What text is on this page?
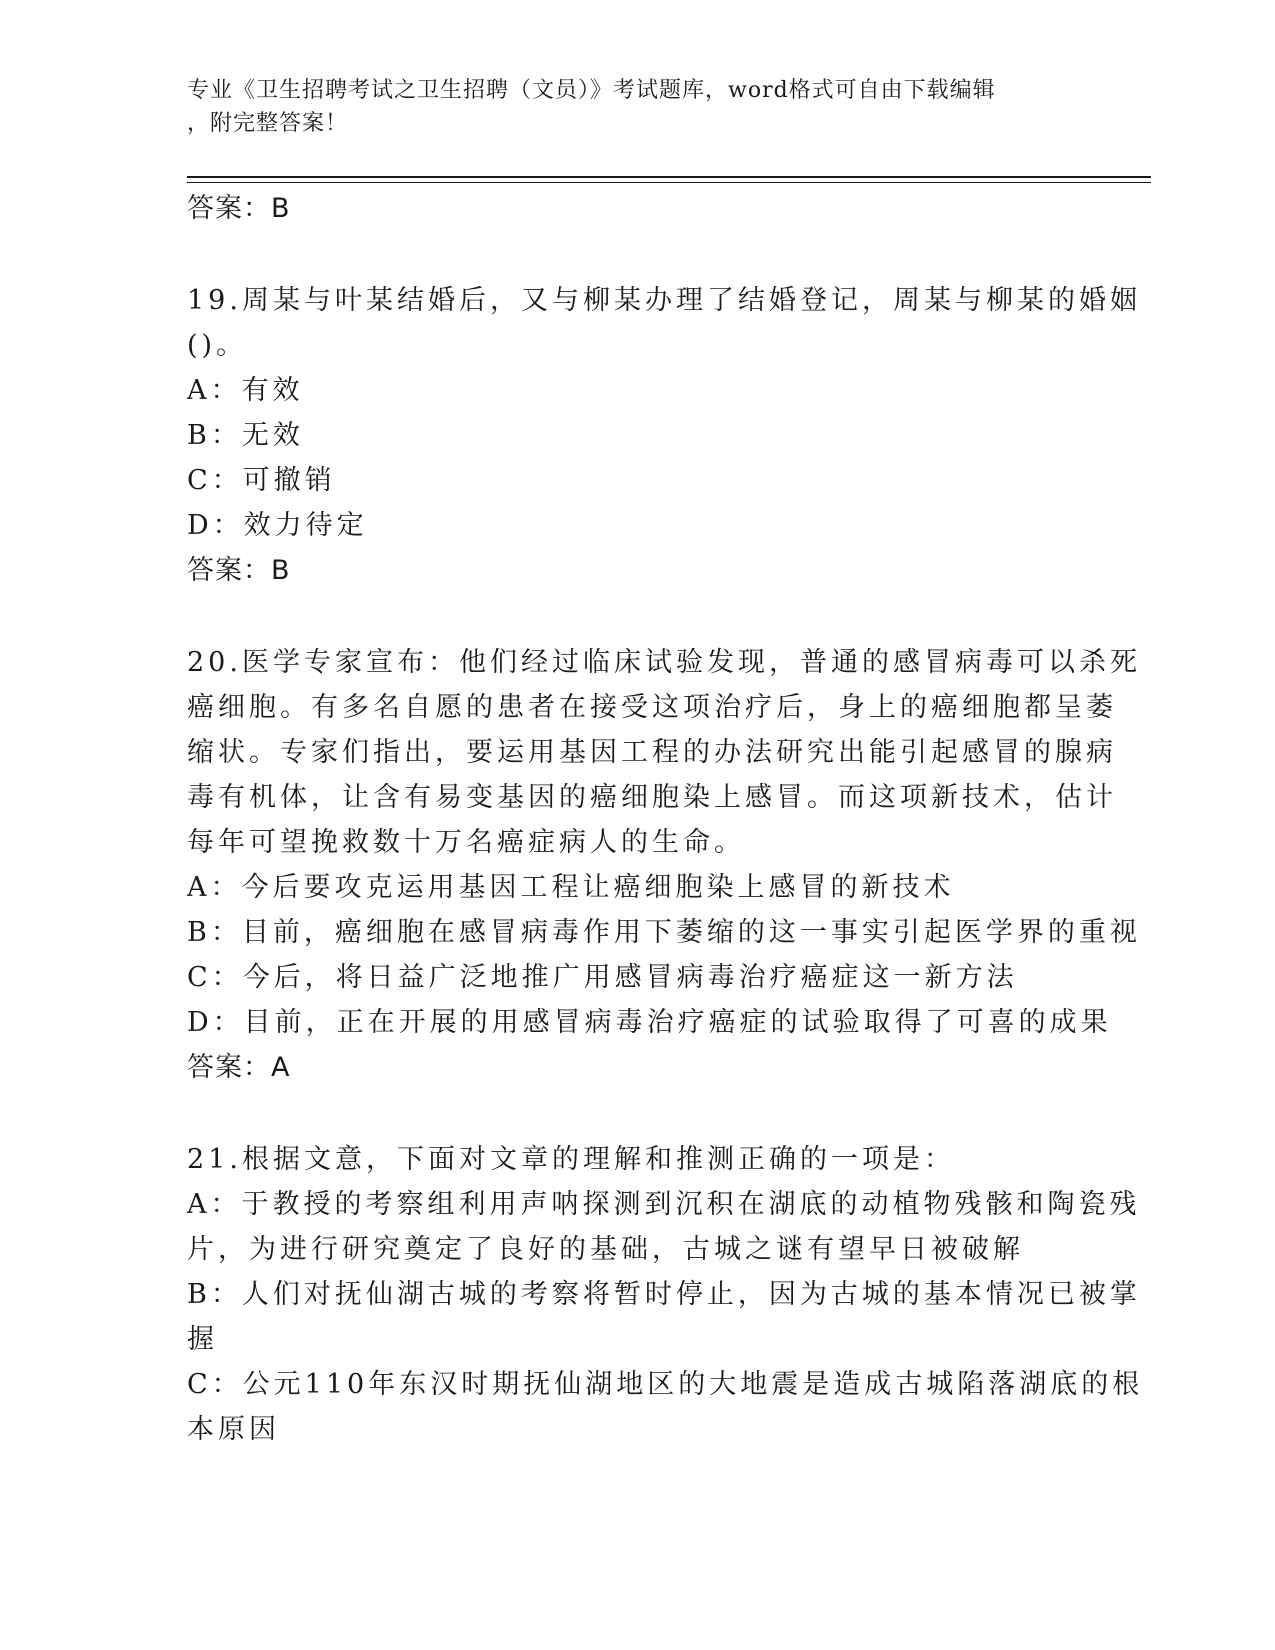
专业《卫生招聘考试之卫生招聘（文员）》考试题库，word格式可自由下载编辑
，附完整答案！
答案：B
19.周某与叶某结婚后，又与柳某办理了结婚登记，周某与柳某的婚姻
()。
A：有效
B：无效
C：可撤销
D：效力待定
答案：B
20.医学专家宣布：他们经过临床试验发现，普通的感冒病毒可以杀死
癌细胞。有多名自愿的患者在接受这项治疗后，身上的癌细胞都呈萎
缩状。专家们指出，要运用基因工程的办法研究出能引起感冒的腺病
毒有机体，让含有易变基因的癌细胞染上感冒。而这项新技术，估计
每年可望挽救数十万名癌症病人的生命。
A：今后要攻克运用基因工程让癌细胞染上感冒的新技术
B：目前，癌细胞在感冒病毒作用下萎缩的这一事实引起医学界的重视
C：今后，将日益广泛地推广用感冒病毒治疗癌症这一新方法
D：目前，正在开展的用感冒病毒治疗癌症的试验取得了可喜的成果
答案：A
21.根据文意，下面对文章的理解和推测正确的一项是：
A：于教授的考察组利用声呐探测到沉积在湖底的动植物残骸和陶瓷残
片，为进行研究奠定了良好的基础，古城之谜有望早日被破解
B：人们对抚仙湖古城的考察将暂时停止，因为古城的基本情况已被掌
握
C：公元110年东汉时期抚仙湖地区的大地震是造成古城陷落湖底的根
本原因
